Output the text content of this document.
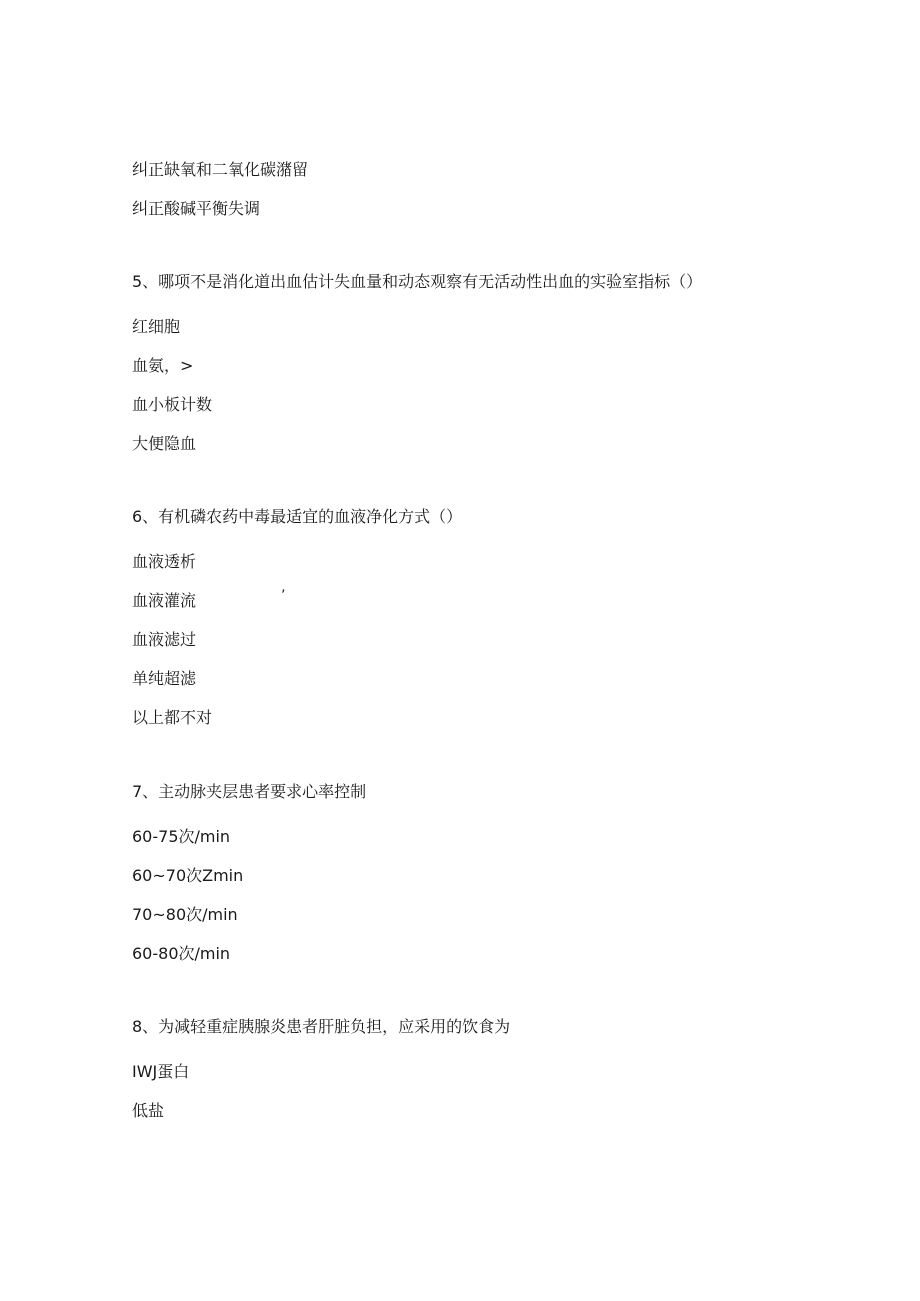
纠正缺氧和二氧化碳潴留
纠正酸碱平衡失调
5、哪项不是消化道出血估计失血量和动态观察有无活动性出血的实验室指标（）
红细胞
血氨，>
血小板计数
大便隐血
6、有机磷农药中毒最适宜的血液净化方式（）
血液透析
血液灌流	’
血液滤过
单纯超滤
以上都不对
7、主动脉夹层患者要求心率控制
60-75次/min
60~70次Zmin
70~80次/min
60-80次/min
8、为减轻重症胰腺炎患者肝脏负担，应采用的饮食为
IWJ蛋白
低盐
